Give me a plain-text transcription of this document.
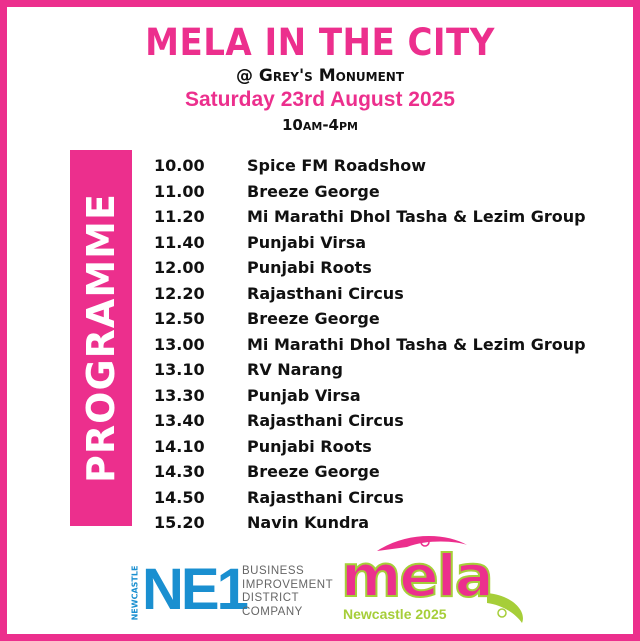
MELA IN THE CITY
@ Grey's Monument
Saturday 23rd August 2025
10am-4pm
PROGRAMME
10.00	Spice FM Roadshow
11.00	Breeze George
11.20	Mi Marathi Dhol Tasha & Lezim Group
11.40	Punjabi Virsa
12.00	Punjabi Roots
12.20	Rajasthani Circus
12.50	Breeze George
13.00	Mi Marathi Dhol Tasha & Lezim Group
13.10	RV Narang
13.30	Punjab Virsa
13.40	Rajasthani Circus
14.10	Punjabi Roots
14.30	Breeze George
14.50	Rajasthani Circus
15.20	Navin Kundra
NEWCASTLE NE1
BUSINESS
IMPROVEMENT
DISTRICT
COMPANY
mela
Newcastle 2025
